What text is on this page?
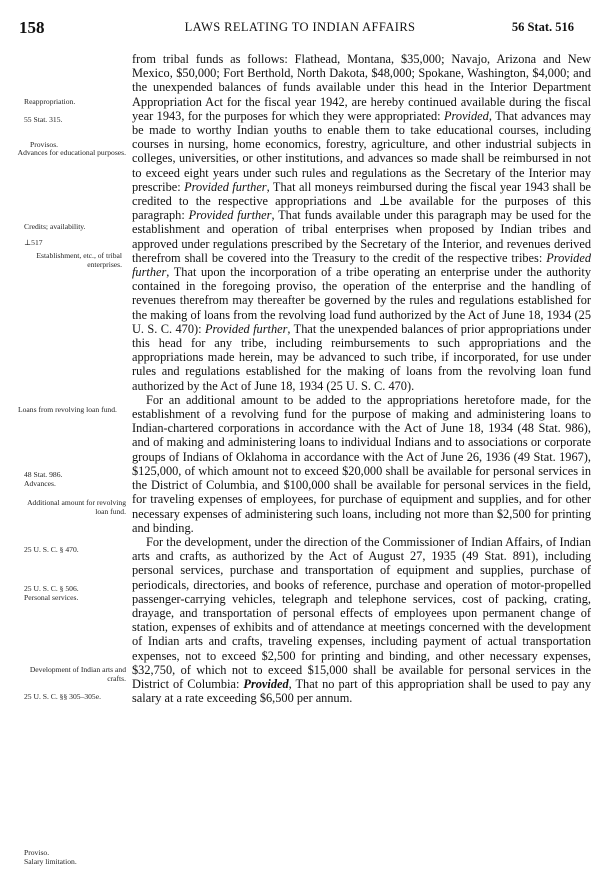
158	LAWS RELATING TO INDIAN AFFAIRS	56 Stat. 516
Reappropriation.
55 Stat. 315.
Provisos.
Advances for educational purposes.
Credits; availability.
⊥517
Establishment, etc., of tribal enterprises.
Loans from revolving loan fund.
48 Stat. 986.
Advances.
Additional amount for revolving loan fund.
25 U. S. C. § 470.
25 U. S. C. § 506.
Personal services.
Development of Indian arts and crafts.
25 U. S. C. §§ 305–305e.
Proviso.
Salary limitation.

from tribal funds as follows: Flathead, Montana, $35,000; Navajo, Arizona and New Mexico, $50,000; Fort Berthold, North Dakota, $48,000; Spokane, Washington, $4,000; and the unexpended balances of funds available under this head in the Interior Department Appropriation Act for the fiscal year 1942, are hereby continued available during the fiscal year 1943, for the purposes for which they were appropriated: Provided, That advances may be made to worthy Indian youths to enable them to take educational courses, including courses in nursing, home economics, forestry, agriculture, and other industrial subjects in colleges, universities, or other institutions, and advances so made shall be reimbursed in not to exceed eight years under such rules and regulations as the Secretary of the Interior may prescribe: Provided further, That all moneys reimbursed during the fiscal year 1943 shall be credited to the respective appropriations and ⊥be available for the purposes of this paragraph: Provided further, That funds available under this paragraph may be used for the establishment and operation of tribal enterprises when proposed by Indian tribes and approved under regulations prescribed by the Secretary of the Interior, and revenues derived therefrom shall be covered into the Treasury to the credit of the respective tribes: Provided further, That upon the incorporation of a tribe operating an enterprise under the authority contained in the foregoing proviso, the operation of the enterprise and the handling of revenues therefrom may thereafter be governed by the rules and regulations established for the making of loans from the revolving load fund authorized by the Act of June 18, 1934 (25 U. S. C. 470): Provided further, That the unexpended balances of prior appropriations under this head for any tribe, including reimbursements to such appropriations and the appropriations made herein, may be advanced to such tribe, if incorporated, for use under rules and regulations established for the making of loans from the revolving loan fund authorized by the Act of June 18, 1934 (25 U. S. C. 470).

For an additional amount to be added to the appropriations heretofore made, for the establishment of a revolving fund for the purpose of making and administering loans to Indian-chartered corporations in accordance with the Act of June 18, 1934 (48 Stat. 986), and of making and administering loans to individual Indians and to associations or corporate groups of Indians of Oklahoma in accordance with the Act of June 26, 1936 (49 Stat. 1967), $125,000, of which amount not to exceed $20,000 shall be available for personal services in the District of Columbia, and $100,000 shall be available for personal services in the field, for traveling expenses of employees, for purchase of equipment and supplies, and for other necessary expenses of administering such loans, including not more than $2,500 for printing and binding.

For the development, under the direction of the Commissioner of Indian Affairs, of Indian arts and crafts, as authorized by the Act of August 27, 1935 (49 Stat. 891), including personal services, purchase and transportation of equipment and supplies, purchase of periodicals, directories, and books of reference, purchase and operation of motor-propelled passenger-carrying vehicles, telegraph and telephone services, cost of packing, crating, drayage, and transportation of personal effects of employees upon permanent change of station, expenses of exhibits and of attendance at meetings concerned with the development of Indian arts and crafts, traveling expenses, including payment of actual transportation expenses, not to exceed $2,500 for printing and binding, and other necessary expenses, $32,750, of which not to exceed $15,000 shall be available for personal services in the District of Columbia: Provided, That no part of this appropriation shall be used to pay any salary at a rate exceeding $6,500 per annum.
